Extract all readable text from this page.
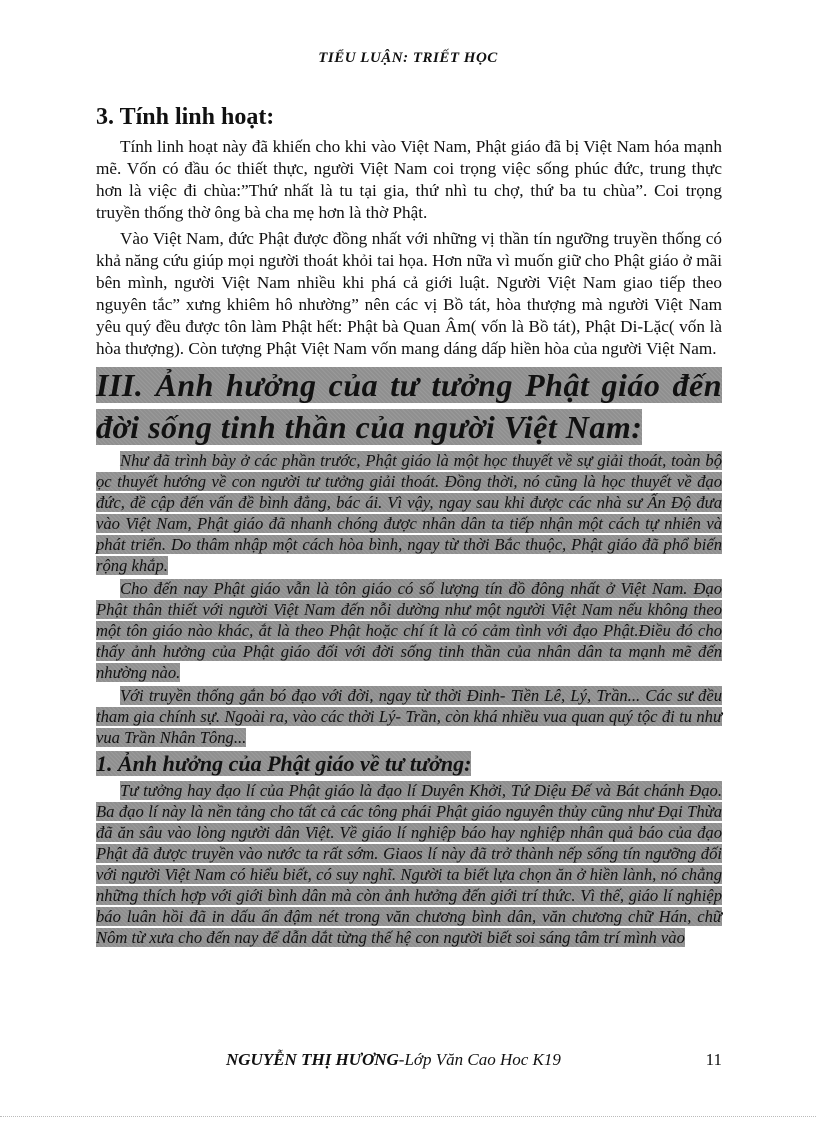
TIỂU LUẬN: TRIẾT HỌC
3. Tính linh hoạt:

Tính linh hoạt này đã khiến cho khi vào Việt Nam, Phật giáo đã bị Việt Nam hóa mạnh mẽ. Vốn có đầu óc thiết thực, người Việt Nam coi trọng việc sống phúc đức, trung thực hơn là việc đi chùa:”Thứ nhất là tu tại gia, thứ nhì tu chợ, thứ ba tu chùa”. Coi trọng truyền thống thờ ông bà cha mẹ hơn là thờ Phật.

Vào Việt Nam, đức Phật được đồng nhất với những vị thần tín ngưỡng truyền thống có khả năng cứu giúp mọi người thoát khỏi tai họa. Hơn nữa vì muốn giữ cho Phật giáo ở mãi bên mình, người Việt Nam nhiều khi phá cả giới luật. Người Việt Nam giao tiếp theo nguyên tắc” xưng khiêm hô nhường” nên các vị Bồ tát, hòa thượng mà người Việt Nam yêu quý đều được tôn làm Phật hết: Phật bà Quan Âm( vốn là Bồ tát), Phật Di-Lặc( vốn là hòa thượng). Còn tượng Phật Việt Nam vốn mang dáng dấp hiền hòa của người Việt Nam.

III. Ảnh hưởng của tư tưởng Phật giáo đến đời sống tinh thần của người Việt Nam:

Như đã trình bày ở các phần trước, Phật giáo là một học thuyết về sự giải thoát, toàn bộ ọc thuyết hướng về con người tư tưởng giải thoát. Đồng thời, nó cũng là học thuyết về đạo đức, đề cập đến vấn đề bình đẳng, bác ái. Vì vậy, ngay sau khi được các nhà sư Ấn Độ đưa vào Việt Nam, Phật giáo đã nhanh chóng được nhân dân ta tiếp nhận một cách tự nhiên và phát triển. Do thâm nhập một cách hòa bình, ngay từ thời Bắc thuộc, Phật giáo đã phổ biến rộng khắp.

Cho đến nay Phật giáo vẫn là tôn giáo có số lượng tín đồ đông nhất ở Việt Nam. Đạo Phật thân thiết với người Việt Nam đến nỗi dường như một người Việt Nam nếu không theo một tôn giáo nào khác, ắt là theo Phật hoặc chí ít là có cảm tình với đạo Phật.Điều đó cho thấy ảnh hưởng của Phật giáo đối với đời sống tinh thần của nhân dân ta mạnh mẽ đến nhường nào.

Với truyền thống gắn bó đạo với đời, ngay từ thời Đinh- Tiền Lê, Lý, Trần... Các sư đều tham gia chính sự. Ngoài ra, vào các thời Lý- Trần, còn khá nhiều vua quan quý tộc đi tu như vua Trần Nhân Tông...

1. Ảnh hưởng của Phật giáo về tư tưởng:

Tư tưởng hay đạo lí của Phật giáo là đạo lí Duyên Khởi, Tứ Diệu Đế và Bát chánh Đạo. Ba đạo lí này là nền tảng cho tất cả các tông phái Phật giáo nguyên thủy cũng như Đại Thừa đã ăn sâu vào lòng người dân Việt. Về giáo lí nghiệp báo hay nghiệp nhân quả báo của đạo Phật đã được truyền vào nước ta rất sớm. Giaos lí này đã trở thành nếp sống tín ngưỡng đối với người Việt Nam có hiểu biết, có suy nghĩ. Người ta biết lựa chọn ăn ở hiền lành, nó chẳng những thích hợp với giới bình dân mà còn ảnh hưởng đến giới trí thức. Vì thế, giáo lí nghiệp báo luân hồi đã in dấu ấn đậm nét trong văn chương bình dân, văn chương chữ Hán, chữ Nôm từ xưa cho đến nay để dẫn dắt từng thế hệ con người biết soi sáng tâm trí mình vào

NGUYỄN THỊ HƯƠNG-Lớp Văn Cao Hoc K19	11
